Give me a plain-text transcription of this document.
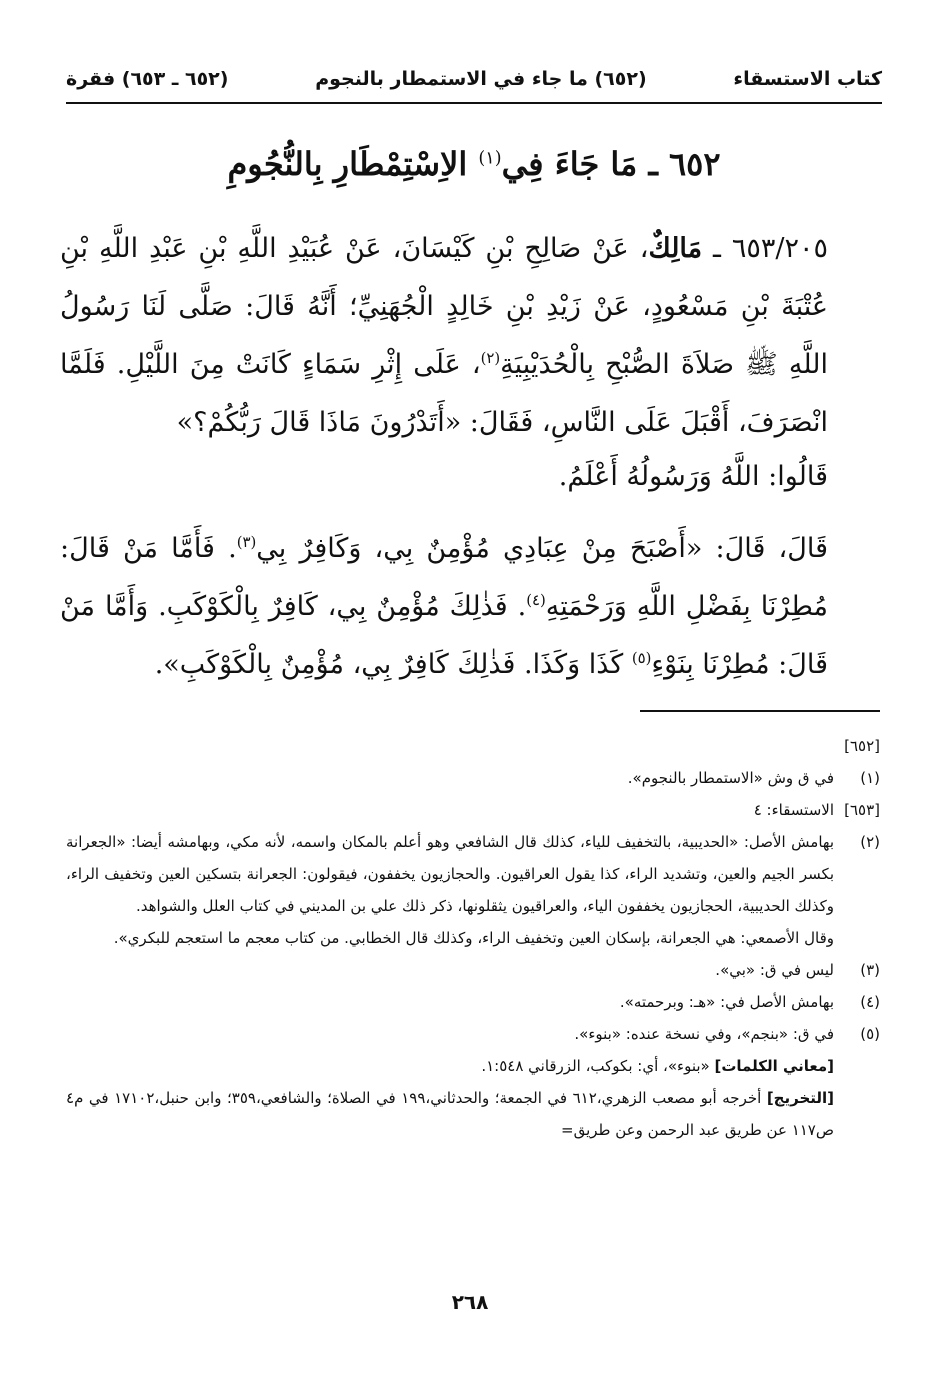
كتاب الاستسقاء
(٦٥٢) ما جاء في الاستمطار بالنجوم
(٦٥٢ ـ ٦٥٣) فقرة
٦٥٢ ـ مَا جَاءَ فِي$^{(١)}$ الاِسْتِمْطَارِ بِالنُّجُومِ

٦٥٣/٢٠٥ ـ مَالِكٌ، عَنْ صَالِحِ بْنِ كَيْسَانَ، عَنْ عُبَيْدِ اللَّهِ بْنِ عَبْدِ اللَّهِ بْنِ عُتْبَةَ بْنِ مَسْعُودٍ، عَنْ زَيْدِ بْنِ خَالِدٍ الْجُهَنِيِّ؛ أَنَّهُ قَالَ: صَلَّى لَنَا رَسُولُ اللَّهِ ﷺ صَلاَةَ الصُّبْحِ بِالْحُدَيْبِيَةِ$^{(٢)}$، عَلَى إِثْرِ سَمَاءٍ كَانَتْ مِنَ اللَّيْلِ. فَلَمَّا انْصَرَفَ، أَقْبَلَ عَلَى النَّاسِ، فَقَالَ: «أَتَدْرُونَ مَاذَا قَالَ رَبُّكُمْ؟»

قَالُوا: اللَّهُ وَرَسُولُهُ أَعْلَمُ.

قَالَ، قَالَ: «أَصْبَحَ مِنْ عِبَادِي مُؤْمِنٌ بِي، وَكَافِرٌ بِي$^{(٣)}$. فَأَمَّا مَنْ قَالَ: مُطِرْنَا بِفَضْلِ اللَّهِ وَرَحْمَتِهِ$^{(٤)}$. فَذٰلِكَ مُؤْمِنٌ بِي، كَافِرٌ بِالْكَوْكَبِ. وَأَمَّا مَنْ قَالَ: مُطِرْنَا بِنَوْءِ$^{(٥)}$ كَذَا وَكَذَا. فَذٰلِكَ كَافِرٌ بِي، مُؤْمِنٌ بِالْكَوْكَبِ».

[٦٥٢]
(١)
في ق وش «الاستمطار بالنجوم».
[٦٥٣]
الاستسقاء: ٤
(٢)
بهامش الأصل: «الحديبية، بالتخفيف للياء، كذلك قال الشافعي وهو أعلم بالمكان واسمه، لأنه مكي، وبهامشه أيضا: «الجعرانة بكسر الجيم والعين، وتشديد الراء، كذا يقول العراقيون. والحجازيون يخففون، فيقولون: الجعرانة بتسكين العين وتخفيف الراء، وكذلك الحديبية، الحجازيون يخففون الياء، والعراقيون يثقلونها، ذكر ذلك علي بن المديني في كتاب العلل والشواهد.
وقال الأصمعي: هي الجعرانة، بإسكان العين وتخفيف الراء، وكذلك قال الخطابي. من كتاب معجم ما استعجم للبكري».
(٣)
ليس في ق: «بي».
(٤)
بهامش الأصل في: «هـ: وبرحمته».
(٥)
في ق: «بنجم»، وفي نسخة عنده: «بنوء».
[معاني الكلمات] «بنوء»، أي: بكوكب، الزرقاني ١:٥٤٨.
[التخريج] أخرجه أبو مصعب الزهري،٦١٢ في الجمعة؛ والحدثاني،١٩٩ في الصلاة؛ والشافعي،٣٥٩؛ وابن حنبل،١٧١٠٢ في م٤ ص١١٧ عن طريق عبد الرحمن وعن طريق=
٢٦٨
